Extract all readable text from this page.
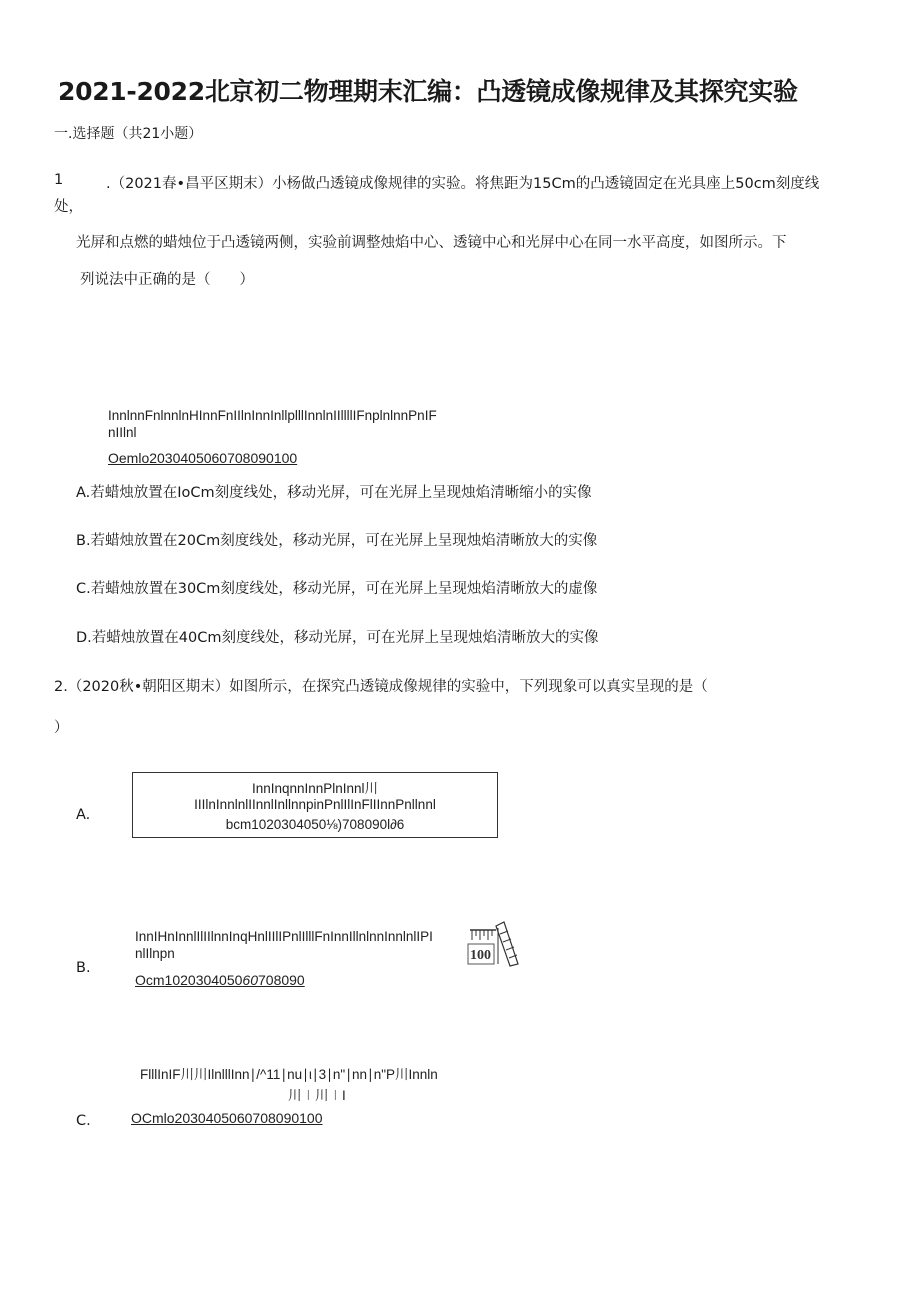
2021-2022北京初二物理期末汇编：凸透镜成像规律及其探究实验
一.选择题（共21小题）
1	.（2021春•昌平区期末）小杨做凸透镜成像规律的实验。将焦距为15Cm的凸透镜固定在光具座上50cm刻度线
处，
光屏和点燃的蜡烛位于凸透镜两侧，实验前调整烛焰中心、透镜中心和光屏中心在同一水平高度，如图所示。下
列说法中正确的是（　　）
InnlnnFnlnnlnHInnFnIIlnInnInllplllInnlnIIllllIFnplnlnnPnIF
nIIlnl
Oemlo2030405060708090100
A.若蜡烛放置在IoCm刻度线处，移动光屏，可在光屏上呈现烛焰清晰缩小的实像
B.若蜡烛放置在20Cm刻度线处，移动光屏，可在光屏上呈现烛焰清晰放大的实像
C.若蜡烛放置在30Cm刻度线处，移动光屏，可在光屏上呈现烛焰清晰放大的虚像
D.若蜡烛放置在40Cm刻度线处，移动光屏，可在光屏上呈现烛焰清晰放大的实像
2.（2020秋•朝阳区期末）如图所示，在探究凸透镜成像规律的实验中，下列现象可以真实呈现的是（
）
A.
InnInqnnInnPlnInnl川
IIIlnInnlnlIInnlInllnnpinPnlIlInFlIInnPnllnnl
bcm1020304050⅛)708090l∂6
B.
InnIHnInnlIlIIlnnInqHnlIIlIPnlIlllFnInnIllnlnnInnlnlIPI
nlIlnpn
Ocm102030405060708090
100
C.
FlllInIF川川IlnlllInn∣/^11∣nu∣ι∣3∣n"∣nn∣n"P川Innln
川∣川∣I
OCmlo2030405060708090100
